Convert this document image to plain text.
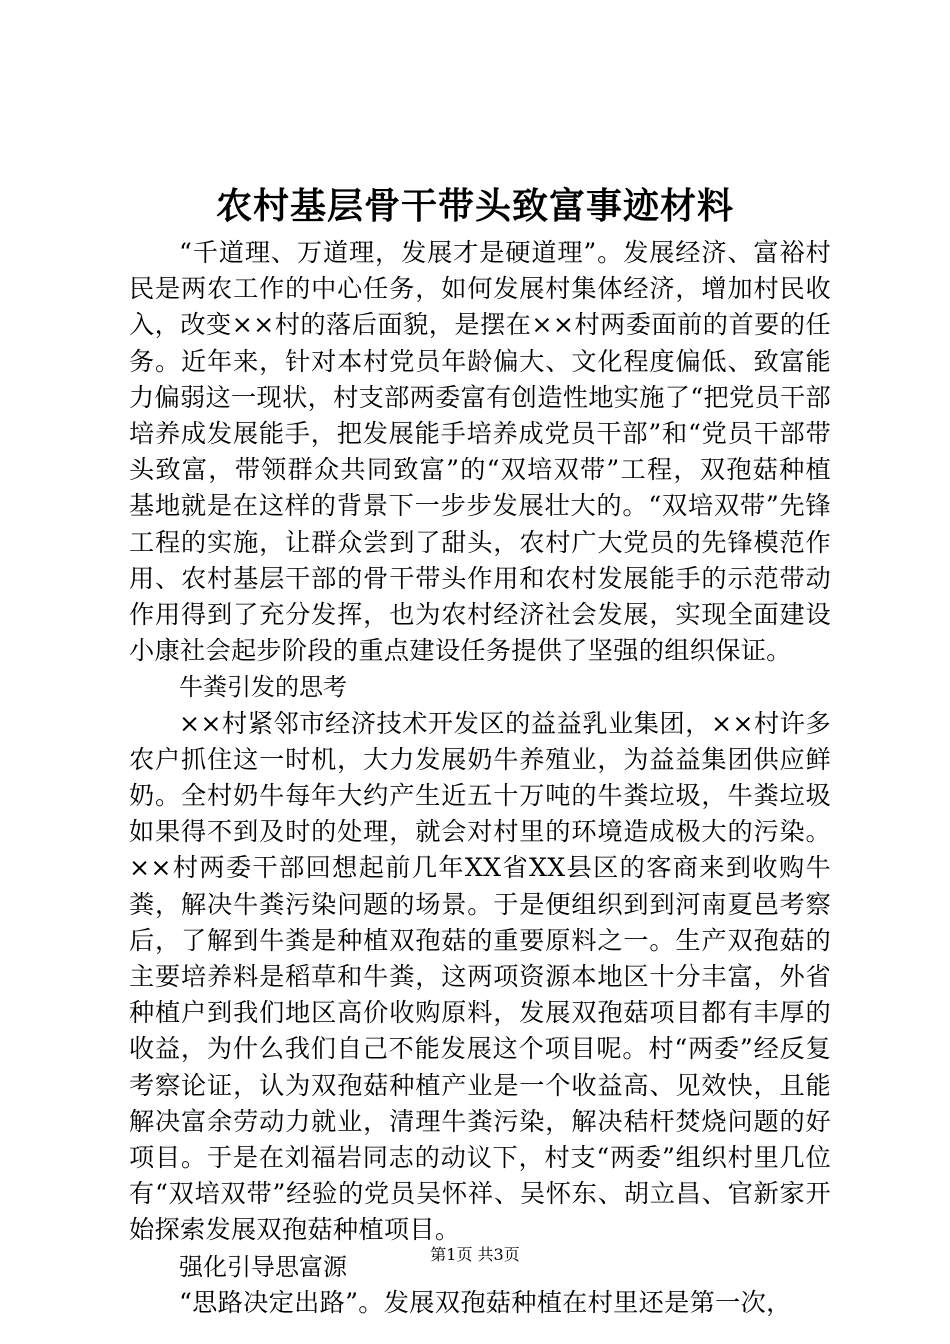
农村基层骨干带头致富事迹材料

“千道理、万道理，发展才是硬道理”。发展经济、富裕村民是两农工作的中心任务，如何发展村集体经济，增加村民收入，改变××村的落后面貌，是摆在××村两委面前的首要的任务。近年来，针对本村党员年龄偏大、文化程度偏低、致富能力偏弱这一现状，村支部两委富有创造性地实施了“把党员干部培养成发展能手，把发展能手培养成党员干部”和“党员干部带头致富，带领群众共同致富”的“双培双带”工程，双孢菇种植基地就是在这样的背景下一步步发展壮大的。“双培双带”先锋工程的实施，让群众尝到了甜头，农村广大党员的先锋模范作用、农村基层干部的骨干带头作用和农村发展能手的示范带动作用得到了充分发挥，也为农村经济社会发展，实现全面建设小康社会起步阶段的重点建设任务提供了坚强的组织保证。

牛粪引发的思考

××村紧邻市经济技术开发区的益益乳业集团，××村许多农户抓住这一时机，大力发展奶牛养殖业，为益益集团供应鲜奶。全村奶牛每年大约产生近五十万吨的牛粪垃圾，牛粪垃圾如果得不到及时的处理，就会对村里的环境造成极大的污染。××村两委干部回想起前几年XX省XX县区的客商来到收购牛粪，解决牛粪污染问题的场景。于是便组织到到河南夏邑考察后，了解到牛粪是种植双孢菇的重要原料之一。生产双孢菇的主要培养料是稻草和牛粪，这两项资源本地区十分丰富，外省种植户到我们地区高价收购原料，发展双孢菇项目都有丰厚的收益，为什么我们自己不能发展这个项目呢。村“两委”经反复考察论证，认为双孢菇种植产业是一个收益高、见效快，且能解决富余劳动力就业，清理牛粪污染，解决秸杆焚烧问题的好项目。于是在刘福岩同志的动议下，村支“两委”组织村里几位有“双培双带”经验的党员吴怀祥、吴怀东、胡立昌、官新家开始探索发展双孢菇种植项目。

强化引导思富源

“思路决定出路”。发展双孢菇种植在村里还是第一次，

第1页 共3页
